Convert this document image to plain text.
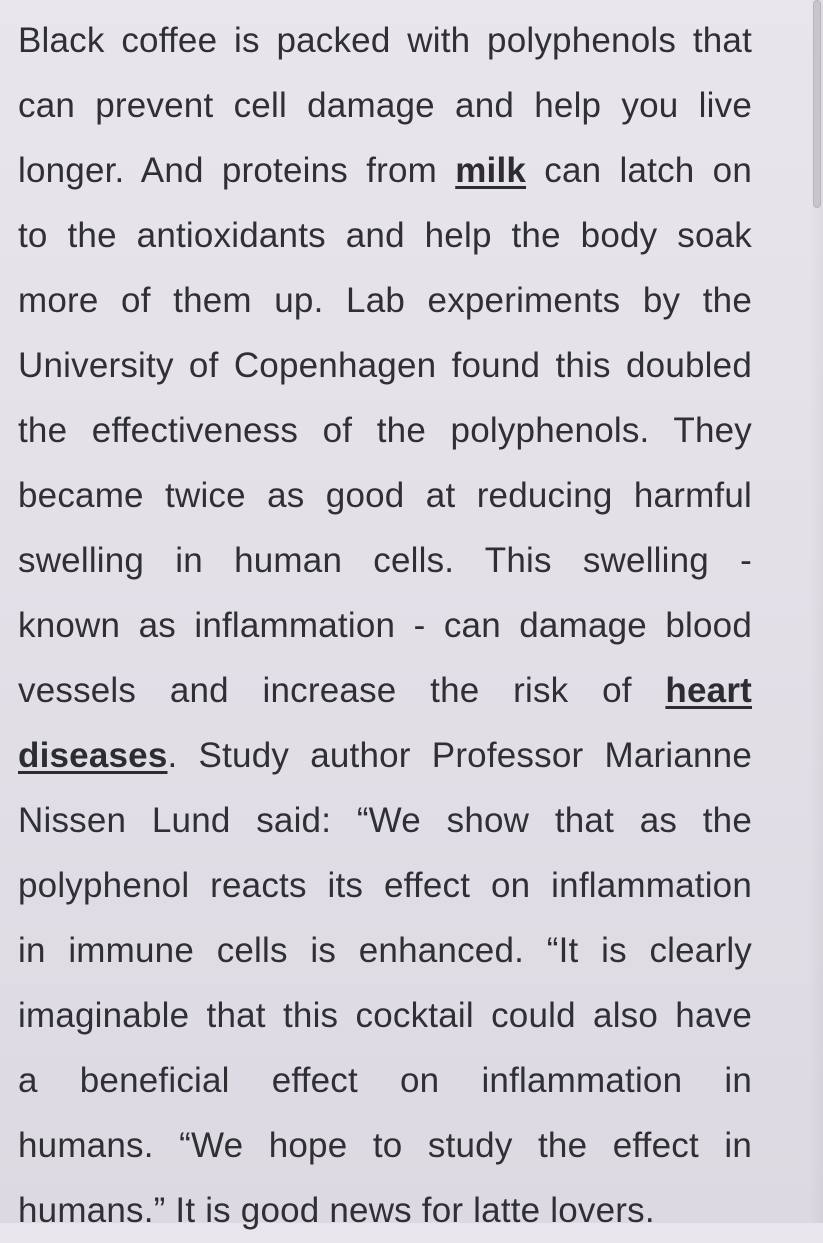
Black coffee is packed with polyphenols that
can prevent cell damage and help you live
longer. And proteins from milk can latch on
to the antioxidants and help the body soak
more of them up. Lab experiments by the
University of Copenhagen found this doubled
the effectiveness of the polyphenols. They
became twice as good at reducing harmful
swelling in human cells. This swelling -
known as inflammation - can damage blood
vessels and increase the risk of heart
diseases. Study author Professor Marianne
Nissen Lund said: “We show that as the
polyphenol reacts its effect on inflammation
in immune cells is enhanced. “It is clearly
imaginable that this cocktail could also have
a beneficial effect on inflammation in
humans. “We hope to study the effect in
humans.” It is good news for latte lovers.
